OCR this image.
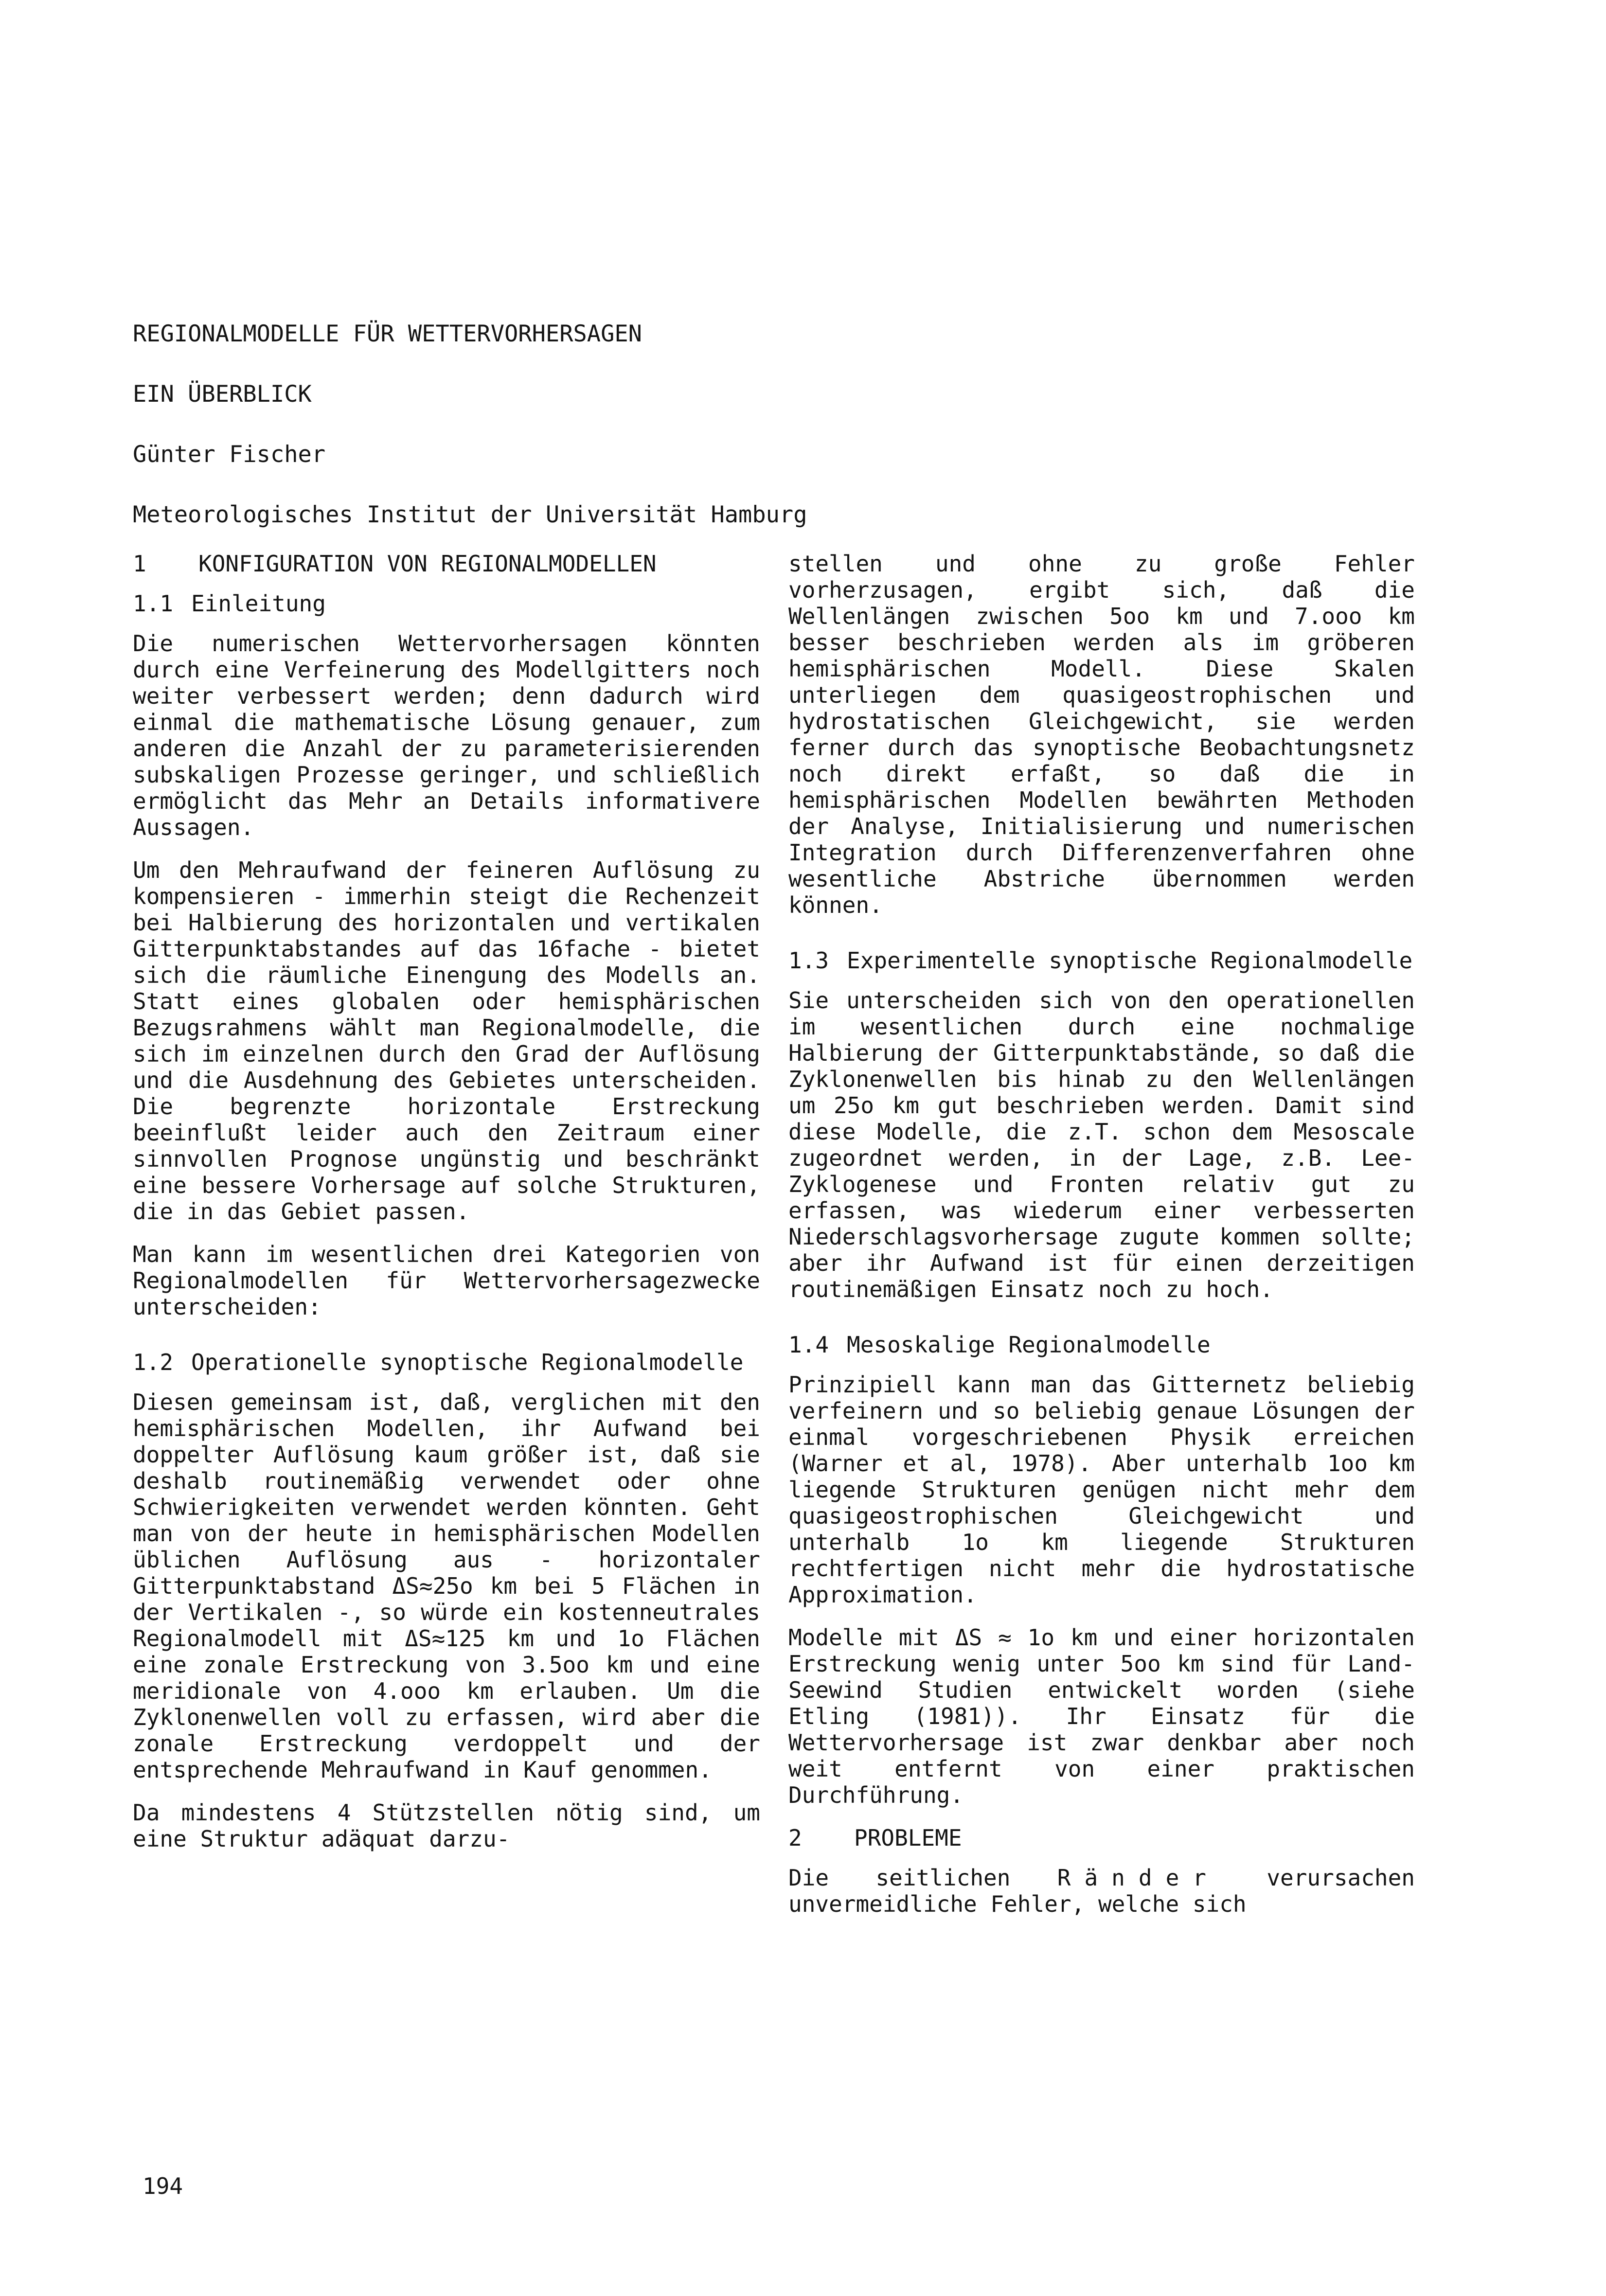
REGIONALMODELLE FÜR WETTERVORHERSAGEN

EIN ÜBERBLICK

Günter Fischer

Meteorologisches Institut der Universität Hamburg

1	KONFIGURATION VON REGIONALMODELLEN
1.1 Einleitung

Die numerischen Wettervorhersagen könnten durch eine Verfeinerung des Modellgitters noch weiter verbessert werden; denn dadurch wird einmal die mathematische Lösung genauer, zum anderen die Anzahl der zu parameterisierenden subskaligen Prozesse geringer, und schließlich ermöglicht das Mehr an Details informativere Aussagen.

Um den Mehraufwand der feineren Auflösung zu kompensieren - immerhin steigt die Rechenzeit bei Halbierung des horizontalen und vertikalen Gitterpunktabstandes auf das 16fache - bietet sich die räumliche Einengung des Modells an. Statt eines globalen oder hemisphärischen Bezugsrahmens wählt man Regionalmodelle, die sich im einzelnen durch den Grad der Auflösung und die Ausdehnung des Gebietes unterscheiden. Die begrenzte horizontale Erstreckung beeinflußt leider auch den Zeitraum einer sinnvollen Prognose ungünstig und beschränkt eine bessere Vorhersage auf solche Strukturen, die in das Gebiet passen.

Man kann im wesentlichen drei Kategorien von Regionalmodellen für Wettervorhersagezwecke unterscheiden:

1.2 Operationelle synoptische Regionalmodelle

Diesen gemeinsam ist, daß, verglichen mit den hemisphärischen Modellen, ihr Aufwand bei doppelter Auflösung kaum größer ist, daß sie deshalb routinemäßig verwendet oder ohne Schwierigkeiten verwendet werden könnten. Geht man von der heute in hemisphärischen Modellen üblichen Auflösung aus - horizontaler Gitterpunktabstand ΔS≈25o km bei 5 Flächen in der Vertikalen -, so würde ein kostenneutrales Regionalmodell mit ΔS≈125 km und 1o Flächen eine zonale Erstreckung von 3.5oo km und eine meridionale von 4.ooo km erlauben. Um die Zyklonenwellen voll zu erfassen, wird aber die zonale Erstreckung verdoppelt und der entsprechende Mehraufwand in Kauf genommen.

Da mindestens 4 Stützstellen nötig sind, um eine Struktur adäquat darzu-

stellen und ohne zu große Fehler vorherzusagen, ergibt sich, daß die Wellenlängen zwischen 5oo km und 7.ooo km besser beschrieben werden als im gröberen hemisphärischen Modell. Diese Skalen unterliegen dem quasigeostrophischen und hydrostatischen Gleichgewicht, sie werden ferner durch das synoptische Beobachtungsnetz noch direkt erfaßt, so daß die in hemisphärischen Modellen bewährten Methoden der Analyse, Initialisierung und numerischen Integration durch Differenzenverfahren ohne wesentliche Abstriche übernommen werden können.

1.3 Experimentelle synoptische Regionalmodelle

Sie unterscheiden sich von den operationellen im wesentlichen durch eine nochmalige Halbierung der Gitterpunktabstände, so daß die Zyklonenwellen bis hinab zu den Wellenlängen um 25o km gut beschrieben werden. Damit sind diese Modelle, die z.T. schon dem Mesoscale zugeordnet werden, in der Lage, z.B. Lee-Zyklogenese und Fronten relativ gut zu erfassen, was wiederum einer verbesserten Niederschlagsvorhersage zugute kommen sollte; aber ihr Aufwand ist für einen derzeitigen routinemäßigen Einsatz noch zu hoch.

1.4 Mesoskalige Regionalmodelle

Prinzipiell kann man das Gitternetz beliebig verfeinern und so beliebig genaue Lösungen der einmal vorgeschriebenen Physik erreichen (Warner et al, 1978). Aber unterhalb 1oo km liegende Strukturen genügen nicht mehr dem quasigeostrophischen Gleichgewicht und unterhalb 1o km liegende Strukturen rechtfertigen nicht mehr die hydrostatische Approximation.

Modelle mit ΔS ≈ 1o km und einer horizontalen Erstreckung wenig unter 5oo km sind für Land-Seewind Studien entwickelt worden (siehe Etling (1981)). Ihr Einsatz für die Wettervorhersage ist zwar denkbar aber noch weit entfernt von einer praktischen Durchführung.

2	PROBLEME

Die seitlichen Ränder verursachen unvermeidliche Fehler, welche sich

194
